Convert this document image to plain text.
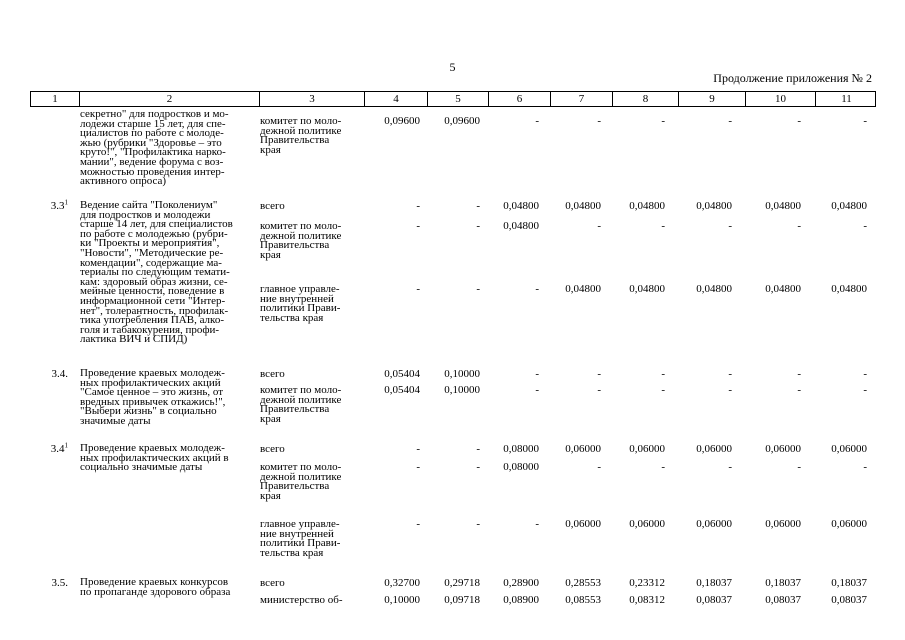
5
Продолжение приложения № 2
1	2	3	4	5	6	7	8	9	10	11
секретно" для подростков и мо-
лодежи старше 15 лет, для спе-
циалистов по работе с молоде-
жью (рубрики "Здоровье – это
круто!", "Профилактика нарко-
мании", ведение форума с воз-
можностью проведения интер-
активного опроса)
комитет по моло-
дежной политике
Правительства
края
0,09600	0,09600	-	-	-	-	-	-
$3.3^1$ Ведение сайта "Поколениум"
для подростков и молодежи
старше 14 лет, для специалистов
по работе с молодежью (рубри-
ки "Проекты и мероприятия",
"Новости", "Методические ре-
комендации", содержащие ма-
териалы по следующим темати-
кам: здоровый образ жизни, се-
мейные ценности, поведение в
информационной сети "Интер-
нет", толерантность, профилак-
тика употребления ПАВ, алко-
голя и табакокурения, профи-
лактика ВИЧ и СПИД)
всего	-	-	0,04800	0,04800	0,04800	0,04800	0,04800	0,04800
комитет по моло-
дежной политике
Правительства
края
-	-	0,04800	-	-	-	-	-
главное управле-
ние внутренней
политики Прави-
тельства края
-	-	-	0,04800	0,04800	0,04800	0,04800	0,04800
3.4. Проведение краевых молодеж-
ных профилактических акций
"Самое ценное – это жизнь, от
вредных привычек откажись!",
"Выбери жизнь" в социально
значимые даты
всего	0,05404	0,10000	-	-	-	-	-	-
комитет по моло-
дежной политике
Правительства
края
0,05404	0,10000	-	-	-	-	-	-
$3.4^1$ Проведение краевых молодеж-
ных профилактических акций в
социально значимые даты
всего	-	-	0,08000	0,06000	0,06000	0,06000	0,06000	0,06000
комитет по моло-
дежной политике
Правительства
края
-	-	0,08000	-	-	-	-	-
главное управле-
ние внутренней
политики Прави-
тельства края
-	-	-	0,06000	0,06000	0,06000	0,06000	0,06000
3.5. Проведение краевых конкурсов
по пропаганде здорового образа
всего	0,32700	0,29718	0,28900	0,28553	0,23312	0,18037	0,18037	0,18037
министерство об-	0,10000	0,09718	0,08900	0,08553	0,08312	0,08037	0,08037	0,08037
